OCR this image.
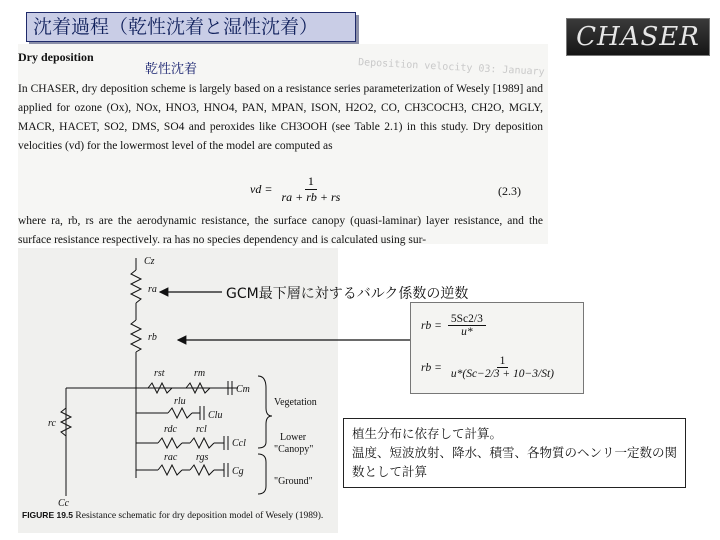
沈着過程（乾性沈着と湿性沈着）	CHASER
Deposition velocity 03: January
Dry deposition
乾性沈着
In CHASER, dry deposition scheme is largely based on a resistance series parameterization of Wesely [1989] and applied for ozone (Ox), NOx, HNO3, HNO4, PAN, MPAN, ISON, H2O2, CO, CH3COCH3, CH2O, MGLY, MACR, HACET, SO2, DMS, SO4 and peroxides like CH3OOH (see Table 2.1) in this study. Dry deposition velocities (vd) for the lowermost level of the model are computed as
vd = $\frac{1}{ra + rb + rs}$	(2.3)
where ra, rb, rs are the aerodynamic resistance, the surface canopy (quasi-laminar) layer resistance, and the surface resistance respectively. ra has no species dependency and is calculated using sur-
Cz
ra
rb
rst	rm
Cm
rlu
Clu
rc
rdc rcl
Ccl
rac rgs
Cg
Cc
Vegetation
Lower
"Canopy"
"Ground"
FIGURE 19.5 Resistance schematic for dry deposition model of Wesely (1989).
GCM最下層に対するバルク係数の逆数
rb = $\frac{5Sc2/3}{u*}$
rb = $\frac{1}{u*(Sc-2/3 + 10-3/St)}$
植生分布に依存して計算。
温度、短波放射、降水、積雪、各物質のヘンリ一定数の関数として計算
